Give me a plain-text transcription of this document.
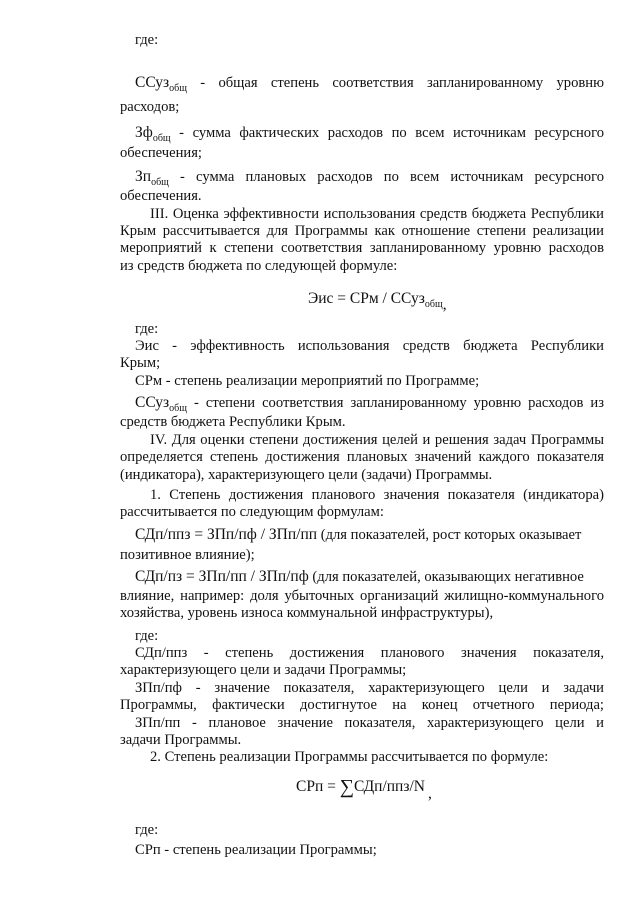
где:
ССуз$_{общ}$ - общая степень соответствия запланированному уровню
расходов;
$Зф_{общ}$ - сумма фактических расходов по всем источникам ресурсного
обеспечения;
$Зп_{общ}$ - сумма плановых расходов по всем источникам ресурсного
обеспечения.
III. Оценка эффективности использования средств бюджета Республики
Крым рассчитывается для Программы как отношение степени реализации
мероприятий к степени соответствия запланированному уровню расходов
из средств бюджета по следующей формуле:
Эис = СРм / ССуз$_{общ}$,
где:
Эис - эффективность использования средств бюджета Республики
Крым;
СРм - степень реализации мероприятий по Программе;
ССуз$_{общ}$ - степени соответствия запланированному уровню расходов из
средств бюджета Республики Крым.
IV. Для оценки степени достижения целей и решения задач Программы
определяется степень достижения плановых значений каждого показателя
(индикатора), характеризующего цели (задачи) Программы.
1. Степень достижения планового значения показателя (индикатора)
рассчитывается по следующим формулам:
СДп/ппз = ЗПп/пф / ЗПп/пп (для показателей, рост которых оказывает
позитивное влияние);
СДп/пз = ЗПп/пп / ЗПп/пф (для показателей, оказывающих негативное
влияние, например: доля убыточных организаций жилищно-коммунального
хозяйства, уровень износа коммунальной инфраструктуры),
где:
СДп/ппз - степень достижения планового значения показателя,
характеризующего цели и задачи Программы;
ЗПп/пф - значение показателя, характеризующего цели и задачи
Программы, фактически достигнутое на конец отчетного периода;
ЗПп/пп - плановое значение показателя, характеризующего цели и
задачи Программы.
2. Степень реализации Программы рассчитывается по формуле:
СРп = ∑СДп/ппз/N ,
где:
СРп - степень реализации Программы;
